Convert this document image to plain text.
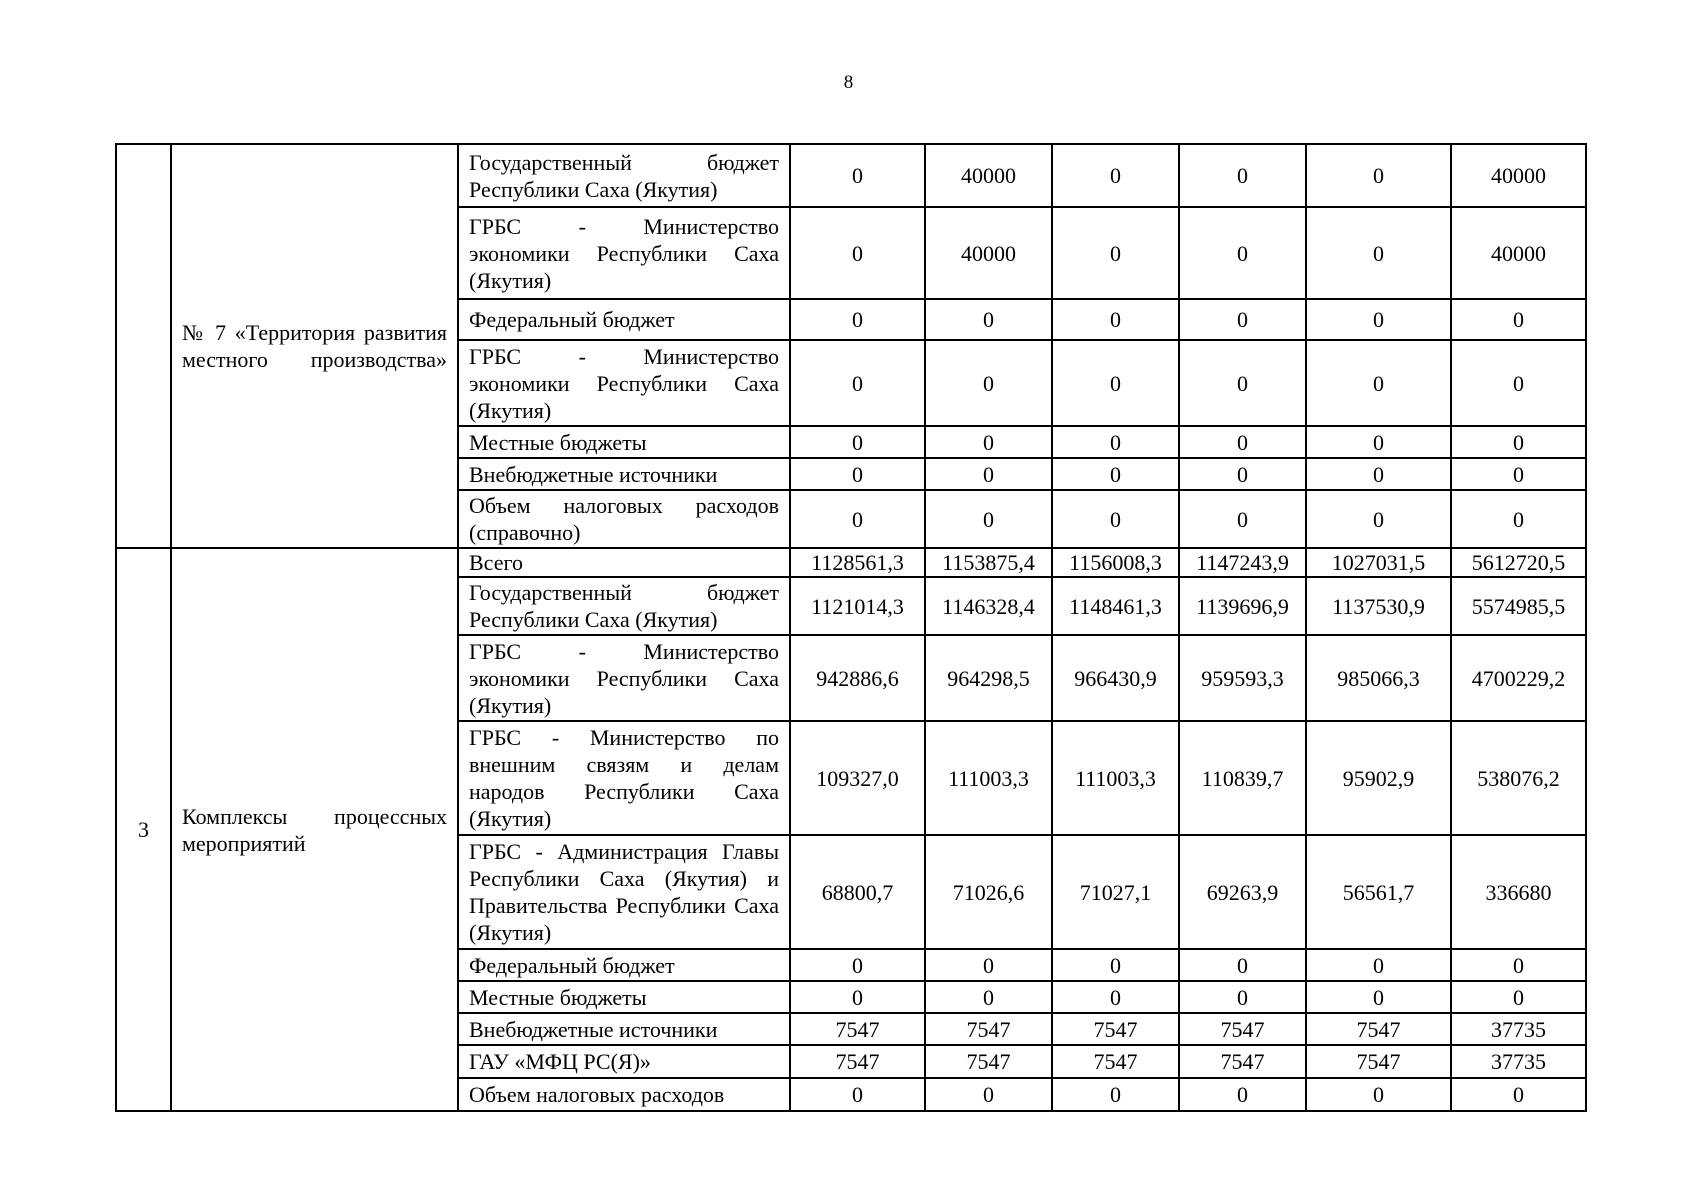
8
	№ 7 «Территория развития местного производства»	Государственный бюджет Республики Саха (Якутия)	0	40000	0	0	0	40000
		ГРБС - Министерство экономики Республики Саха (Якутия)	0	40000	0	0	0	40000
		Федеральный бюджет	0	0	0	0	0	0
		ГРБС - Министерство экономики Республики Саха (Якутия)	0	0	0	0	0	0
		Местные бюджеты	0	0	0	0	0	0
		Внебюджетные источники	0	0	0	0	0	0
		Объем налоговых расходов (справочно)	0	0	0	0	0	0
3	Комплексы процессных мероприятий	Всего	1128561,3	1153875,4	1156008,3	1147243,9	1027031,5	5612720,5
		Государственный бюджет Республики Саха (Якутия)	1121014,3	1146328,4	1148461,3	1139696,9	1137530,9	5574985,5
		ГРБС - Министерство экономики Республики Саха (Якутия)	942886,6	964298,5	966430,9	959593,3	985066,3	4700229,2
		ГРБС - Министерство по внешним связям и делам народов Республики Саха (Якутия)	109327,0	111003,3	111003,3	110839,7	95902,9	538076,2
		ГРБС - Администрация Главы Республики Саха (Якутия) и Правительства Республики Саха (Якутия)	68800,7	71026,6	71027,1	69263,9	56561,7	336680
		Федеральный бюджет	0	0	0	0	0	0
		Местные бюджеты	0	0	0	0	0	0
		Внебюджетные источники	7547	7547	7547	7547	7547	37735
		ГАУ «МФЦ РС(Я)»	7547	7547	7547	7547	7547	37735
		Объем налоговых расходов	0	0	0	0	0	0
